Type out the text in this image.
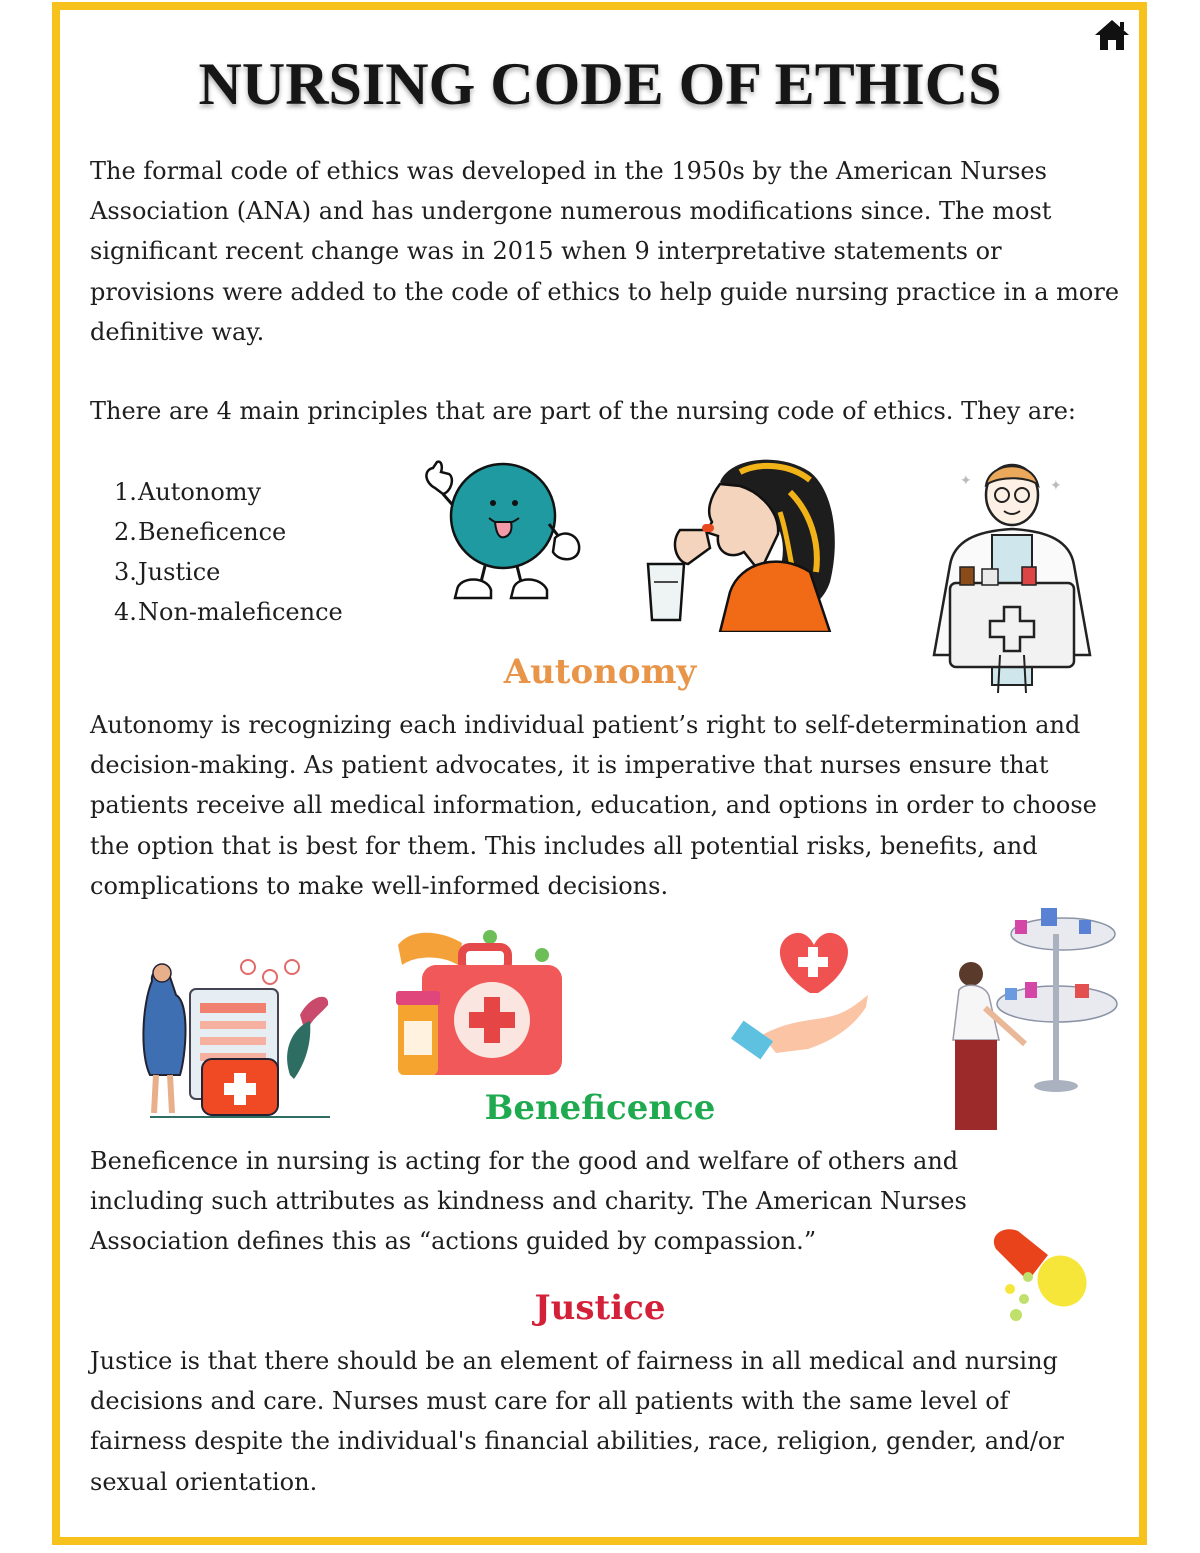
NURSING CODE OF ETHICS

The formal code of ethics was developed in the 1950s by the American Nurses Association (ANA) and has undergone numerous modifications since. The most significant recent change was in 2015 when 9 interpretative statements or provisions were added to the code of ethics to help guide nursing practice in a more definitive way.

There are 4 main principles that are part of the nursing code of ethics. They are:

1.Autonomy
2.Beneficence
3.Justice
4.Non-maleficence
✦	✦
Autonomy

Autonomy is recognizing each individual patient’s right to self-determination and decision-making. As patient advocates, it is imperative that nurses ensure that patients receive all medical information, education, and options in order to choose the option that is best for them. This includes all potential risks, benefits, and complications to make well-informed decisions.

Beneficence

Beneficence in nursing is acting for the good and welfare of others and including such attributes as kindness and charity. The American Nurses Association defines this as “actions guided by compassion.”

Justice

Justice is that there should be an element of fairness in all medical and nursing decisions and care. Nurses must care for all patients with the same level of fairness despite the individual's financial abilities, race, religion, gender, and/or sexual orientation.
